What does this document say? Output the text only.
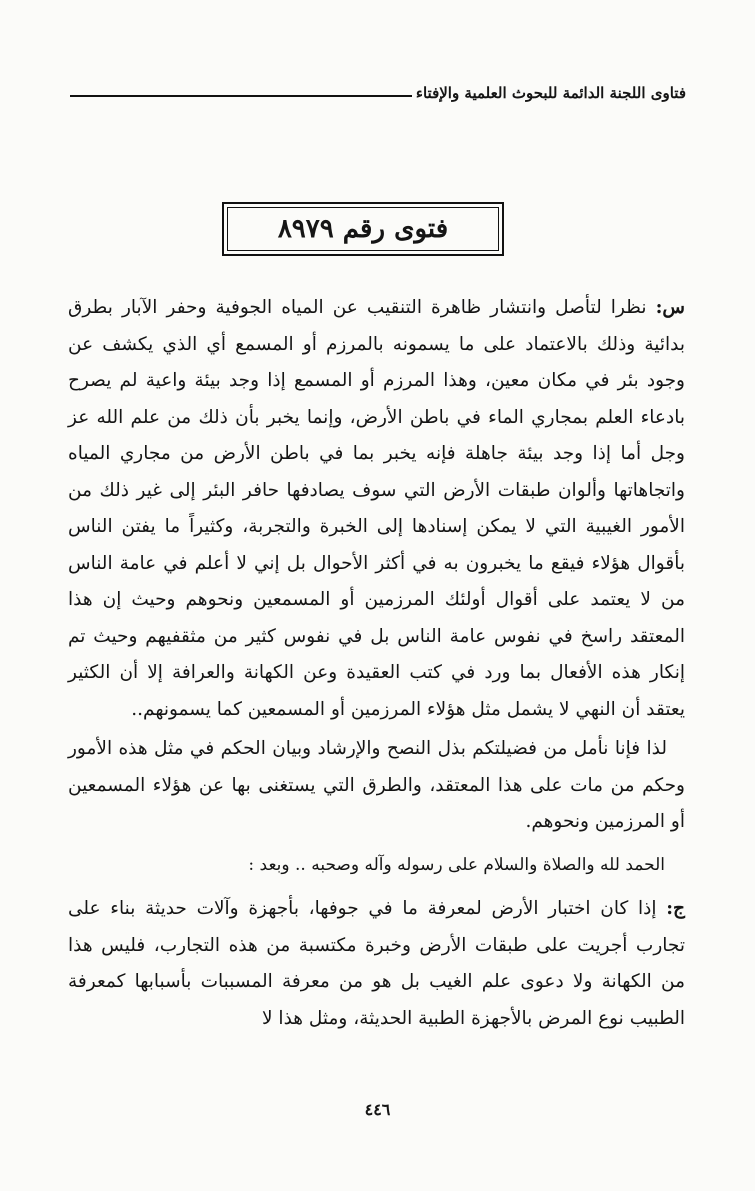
فتاوى اللجنة الدائمة للبحوث العلمية والإفتاء
فتوى رقم ٨٩٧٩

س: نظرا لتأصل وانتشار ظاهرة التنقيب عن المياه الجوفية وحفر الآبار بطرق بدائية وذلك بالاعتماد على ما يسمونه بالمرزم أو المسمع أي الذي يكشف عن وجود بئر في مكان معين، وهذا المرزم أو المسمع إذا وجد بيئة واعية لم يصرح بادعاء العلم بمجاري الماء في باطن الأرض، وإنما يخبر بأن ذلك من علم الله عز وجل أما إذا وجد بيئة جاهلة فإنه يخبر بما في باطن الأرض من مجاري المياه واتجاهاتها وألوان طبقات الأرض التي سوف يصادفها حافر البئر إلى غير ذلك من الأمور الغيبية التي لا يمكن إسنادها إلى الخبرة والتجربة، وكثيراً ما يفتن الناس بأقوال هؤلاء فيقع ما يخبرون به في أكثر الأحوال بل إني لا أعلم في عامة الناس من لا يعتمد على أقوال أولئك المرزمين أو المسمعين ونحوهم وحيث إن هذا المعتقد راسخ في نفوس عامة الناس بل في نفوس كثير من مثقفيهم وحيث تم إنكار هذه الأفعال بما ورد في كتب العقيدة وعن الكهانة والعرافة إلا أن الكثير يعتقد أن النهي لا يشمل مثل هؤلاء المرزمين أو المسمعين كما يسمونهم..

لذا فإنا نأمل من فضيلتكم بذل النصح والإرشاد وبيان الحكم في مثل هذه الأمور وحكم من مات على هذا المعتقد، والطرق التي يستغنى بها عن هؤلاء المسمعين أو المرزمين ونحوهم.

الحمد لله والصلاة والسلام على رسوله وآله وصحبه .. وبعد :

ج: إذا كان اختبار الأرض لمعرفة ما في جوفها، بأجهزة وآلات حديثة بناء على تجارب أجريت على طبقات الأرض وخبرة مكتسبة من هذه التجارب، فليس هذا من الكهانة ولا دعوى علم الغيب بل هو من معرفة المسببات بأسبابها كمعرفة الطبيب نوع المرض بالأجهزة الطبية الحديثة، ومثل هذا لا

٤٤٦
